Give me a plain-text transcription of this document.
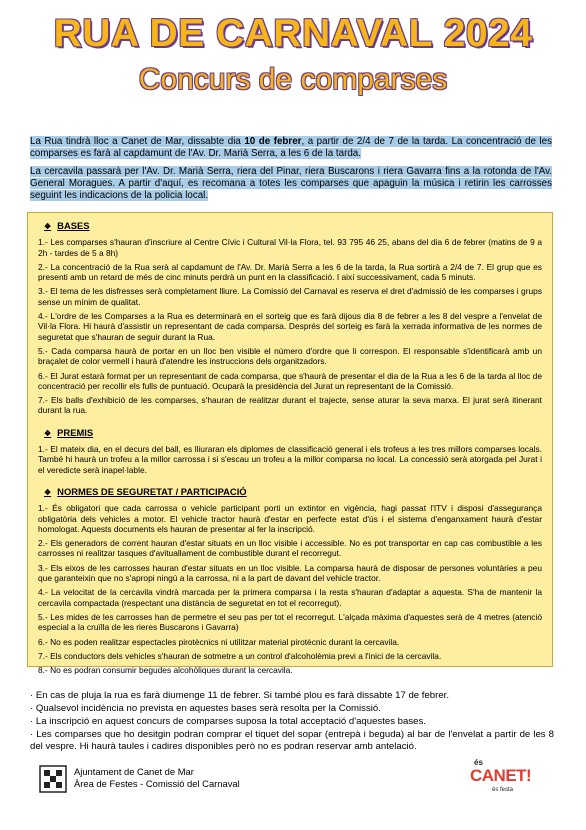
RUA DE CARNAVAL 2024
Concurs de comparses

La Rua tindrà lloc a Canet de Mar, dissabte dia 10 de febrer, a partir de 2/4 de 7 de la tarda. La concentració de les comparses es farà al capdamunt de l'Av. Dr. Marià Serra, a les 6 de la tarda.

La cercavila passarà per l'Av. Dr. Marià Serra, riera del Pinar, riera Buscarons i riera Gavarra fins a la rotonda de l'Av. General Moragues. A partir d'aquí, es recomana a totes les comparses que apaguin la música i retirin les carrosses seguint les indicacions de la policia local.

❖ BASES
1.- Les comparses s'hauran d'inscriure al Centre Cívic i Cultural Vil·la Flora, tel. 93 795 46 25, abans del dia 6 de febrer (matins de 9 a 2h - tardes de 5 a 8h)
2.- La concentració de la Rua serà al capdamunt de l'Av. Dr. Marià Serra a les 6 de la tarda, la Rua sortirà a 2/4 de 7. El grup que es presenti amb un retard de més de cinc minuts perdrà un punt en la classificació. I així successivament, cada 5 minuts.
3.- El tema de les disfresses serà completament lliure. La Comissió del Carnaval es reserva el dret d'admissió de les comparses i grups sense un mínim de qualitat.
4.- L'ordre de les Comparses a la Rua es determinarà en el sorteig que es farà dijous dia 8 de febrer a les 8 del vespre a l'envelat de Vil·la Flora. Hi haurà d'assistir un representant de cada comparsa. Després del sorteig es farà la xerrada informativa de les normes de seguretat que s'hauran de seguir durant la Rua.
5.- Cada comparsa haurà de portar en un lloc ben visible el número d'ordre que li correspon. El responsable s'identificarà amb un braçalet de color vermell i haurà d'atendre les instruccions dels organitzadors.
6.- El Jurat estarà format per un representant de cada comparsa, que s'haurà de presentar el dia de la Rua a les 6 de la tarda al lloc de concentració per recollir els fulls de puntuació. Ocuparà la presidència del Jurat un representant de la Comissió.
7.- Els balls d'exhibició de les comparses, s'hauran de realitzar durant el trajecte, sense aturar la seva marxa. El jurat serà itinerant durant la rua.
❖ PREMIS
1.- El mateix dia, en el decurs del ball, es lliuraran els diplomes de classificació general i els trofeus a les tres millors comparses locals. També hi haurà un trofeu a la millor carrossa i si s'escau un trofeu a la millor comparsa no local. La concessió serà atorgada pel Jurat i el veredicte serà inapel·lable.
❖ NORMES DE SEGURETAT / PARTICIPACIÓ
1.- És obligatori que cada carrossa o vehicle participant porti un extintor en vigència, hagi passat l'ITV i disposi d'assegurança obligatòria dels vehicles a motor. El vehicle tractor haurà d'estar en perfecte estat d'ús i el sistema d'enganxament haurà d'estar homologat. Aquests documents els hauran de presentar al fer la inscripció.
2.- Els generadors de corrent hauran d'estar situats en un lloc visible i accessible. No es pot transportar en cap cas combustible a les carrosses ni realitzar tasques d'avituallament de combustible durant el recorregut.
3.- Els eixos de les carrosses hauran d'estar situats en un lloc visible. La comparsa haurà de disposar de persones voluntàries a peu que garanteixin que no s'apropi ningú a la carrossa, ni a la part de davant del vehicle tractor.
4.- La velocitat de la cercavila vindrà marcada per la primera comparsa i la resta s'hauran d'adaptar a aquesta. S'ha de mantenir la cercavila compactada (respectant una distància de seguretat en tot el recorregut).
5.- Les mides de les carrosses han de permetre el seu pas per tot el recorregut. L'alçada màxima d'aquestes serà de 4 metres (atenció especial a la cruïlla de les rieres Buscarons i Gavarra)
6.- No es poden realitzar espectacles pirotècnics ni utilitzar material pirotècnic durant la cercavila.
7.- Els conductors dels vehicles s'hauran de sotmetre a un control d'alcoholèmia previ a l'inici de la cercavila.
8.- No es podran consumir begudes alcohòliques durant la cercavila.
· En cas de pluja la rua es farà diumenge 11 de febrer. Si també plou es farà dissabte 17 de febrer.
· Qualsevol incidència no prevista en aquestes bases serà resolta per la Comissió.
· La inscripció en aquest concurs de comparses suposa la total acceptació d'aquestes bases.
· Les comparses que ho desitgin podran comprar el tiquet del sopar (entrepà i beguda) al bar de l'envelat a partir de les 8 del vespre. Hi haurà taules i cadires disponibles però no es podran reservar amb antelació.
Ajuntament de Canet de Mar
Àrea de Festes - Comissió del Carnaval
és
CANET!
és festa
